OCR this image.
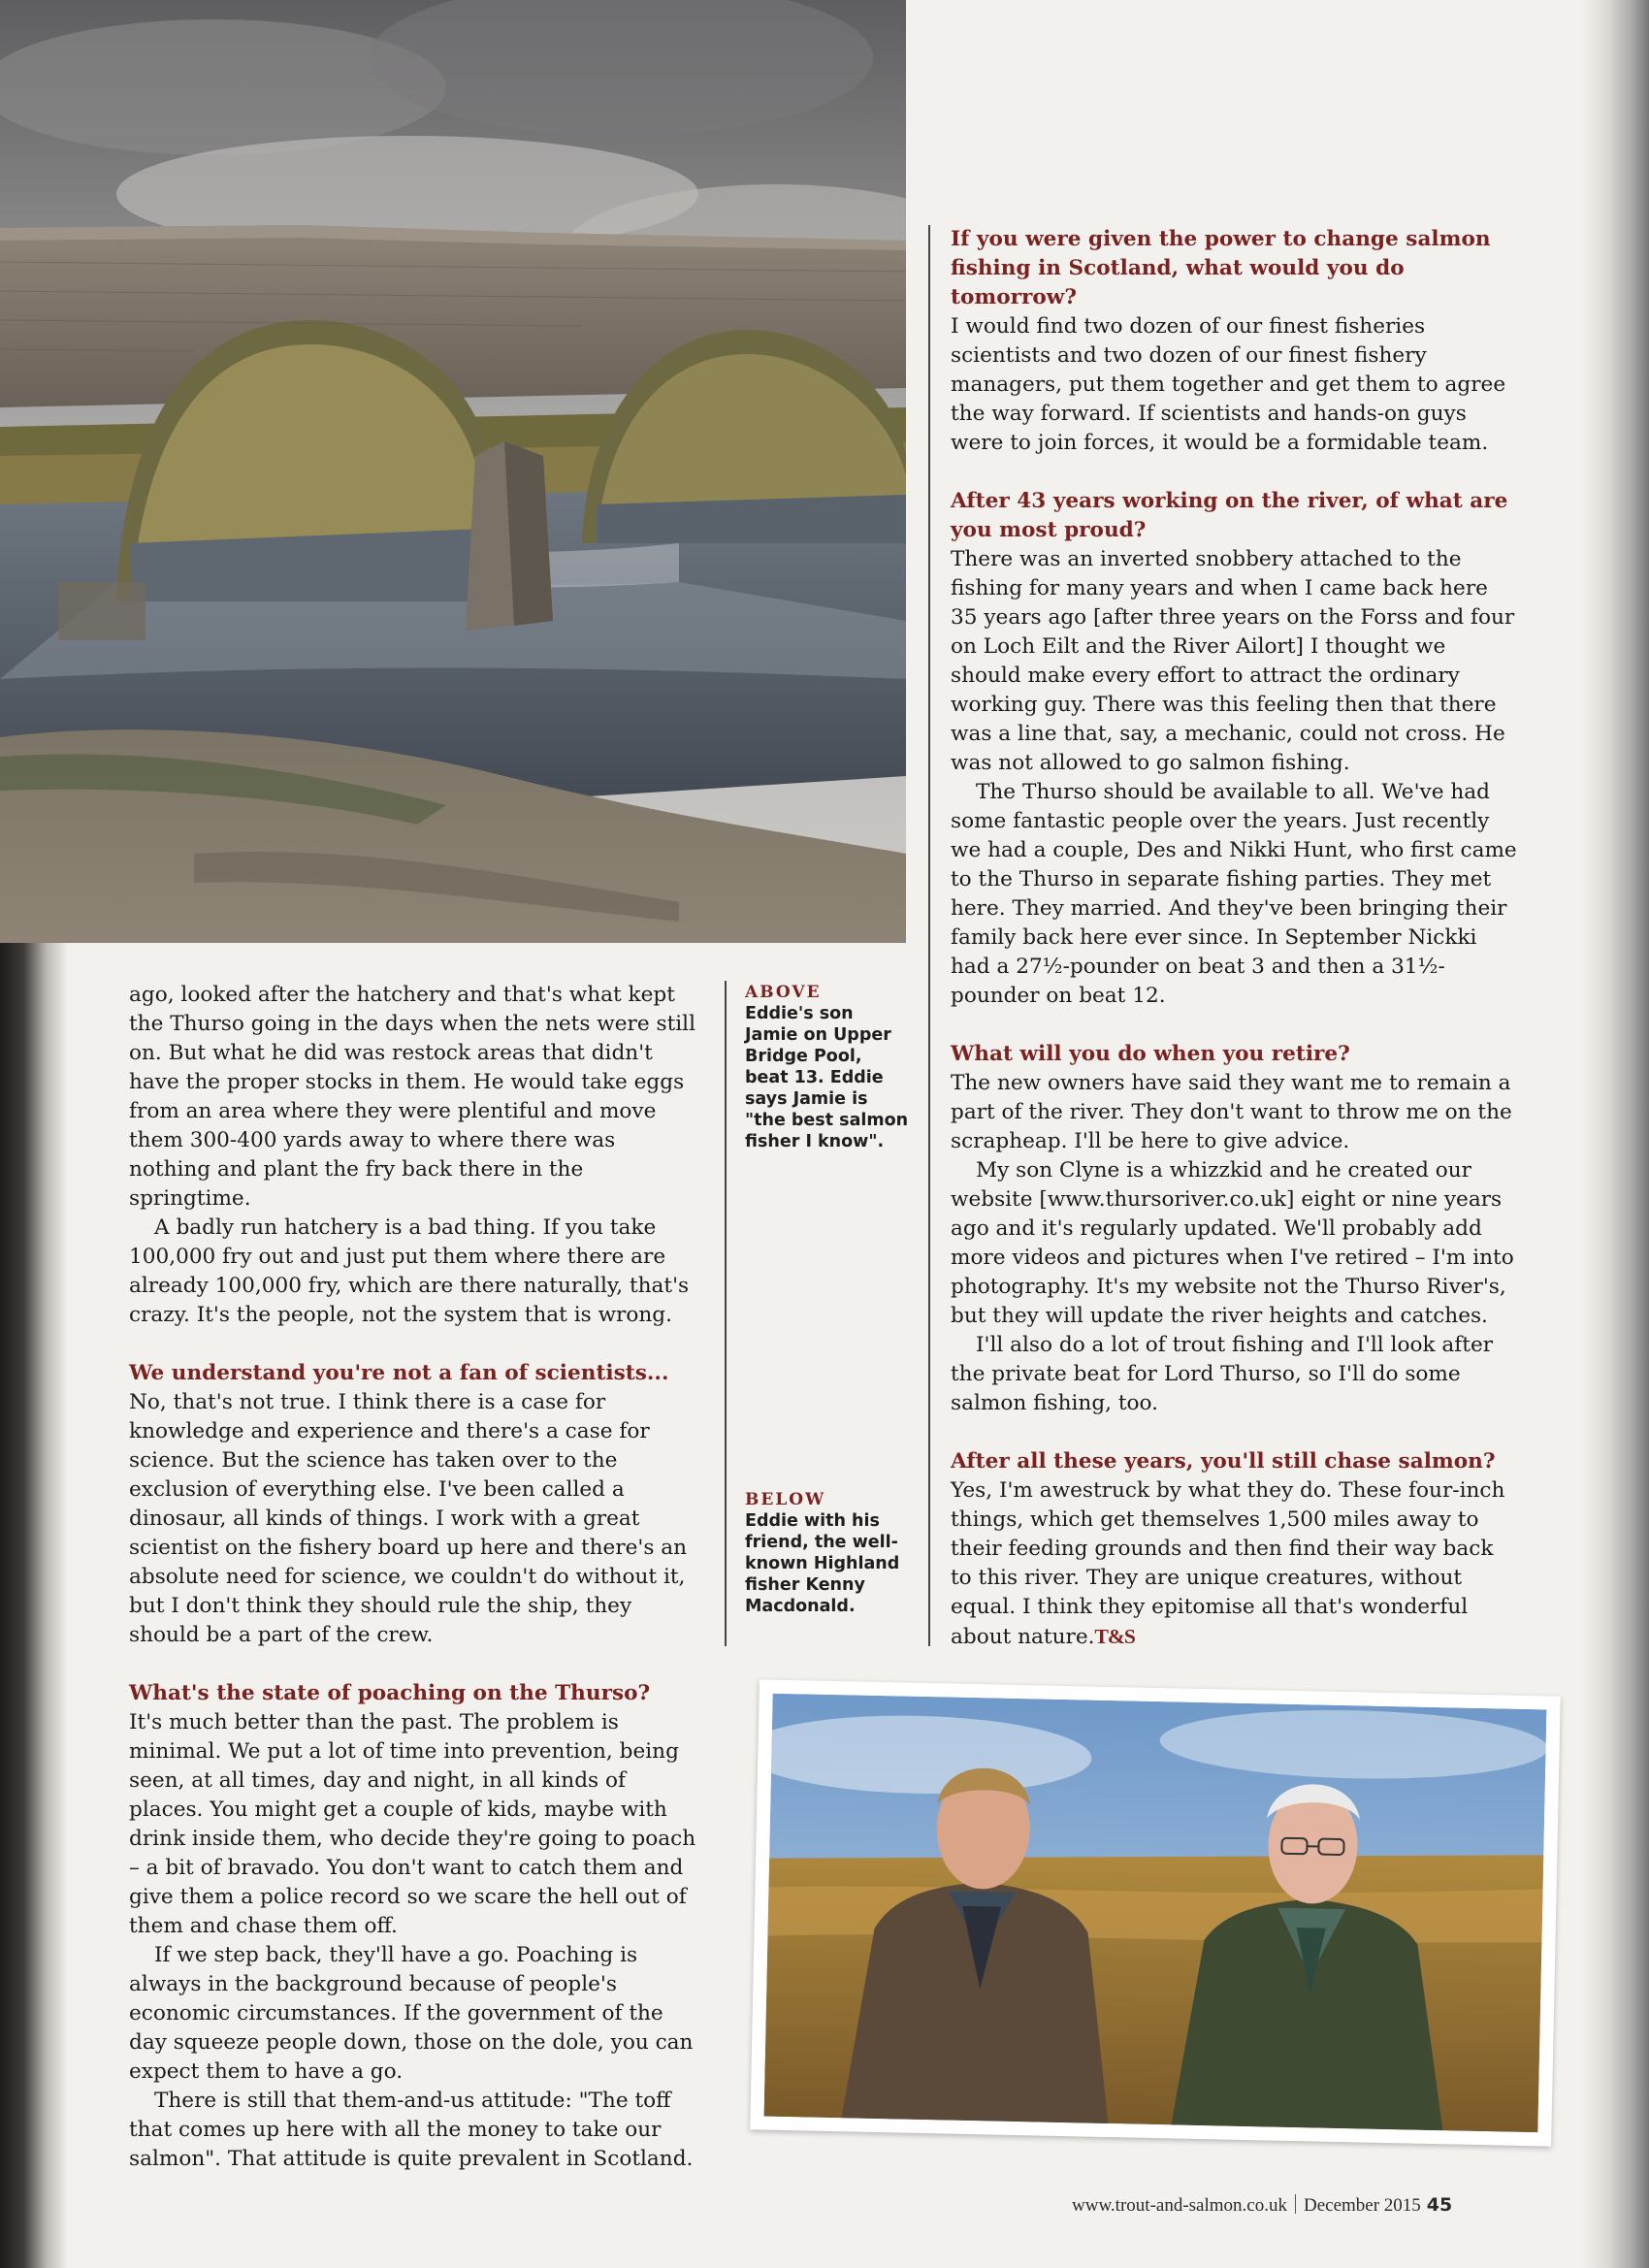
ago, looked after the hatchery and that's what kept the Thurso going in the days when the nets were still on. But what he did was restock areas that didn't have the proper stocks in them. He would take eggs from an area where they were plentiful and move them 300-400 yards away to where there was nothing and plant the fry back there in the springtime.

A badly run hatchery is a bad thing. If you take 100,000 fry out and just put them where there are already 100,000 fry, which are there naturally, that's crazy. It's the people, not the system that is wrong.

We understand you're not a fan of scientists...

No, that's not true. I think there is a case for knowledge and experience and there's a case for science. But the science has taken over to the exclusion of everything else. I've been called a dinosaur, all kinds of things. I work with a great scientist on the fishery board up here and there's an absolute need for science, we couldn't do without it, but I don't think they should rule the ship, they should be a part of the crew.

What's the state of poaching on the Thurso?

It's much better than the past. The problem is minimal. We put a lot of time into prevention, being seen, at all times, day and night, in all kinds of places. You might get a couple of kids, maybe with drink inside them, who decide they're going to poach – a bit of bravado. You don't want to catch them and give them a police record so we scare the hell out of them and chase them off.

If we step back, they'll have a go. Poaching is always in the background because of people's economic circumstances. If the government of the day squeeze people down, those on the dole, you can expect them to have a go.

There is still that them-and-us attitude: "The toff that comes up here with all the money to take our salmon". That attitude is quite prevalent in Scotland.

ABOVE
Eddie's son Jamie on Upper Bridge Pool, beat 13. Eddie says Jamie is "the best salmon fisher I know".
BELOW
Eddie with his friend, the well-known Highland fisher Kenny Macdonald.
If you were given the power to change salmon fishing in Scotland, what would you do tomorrow?

I would find two dozen of our finest fisheries scientists and two dozen of our finest fishery managers, put them together and get them to agree the way forward. If scientists and hands-on guys were to join forces, it would be a formidable team.

After 43 years working on the river, of what are you most proud?

There was an inverted snobbery attached to the fishing for many years and when I came back here 35 years ago [after three years on the Forss and four on Loch Eilt and the River Ailort] I thought we should make every effort to attract the ordinary working guy. There was this feeling then that there was a line that, say, a mechanic, could not cross. He was not allowed to go salmon fishing.

The Thurso should be available to all. We've had some fantastic people over the years. Just recently we had a couple, Des and Nikki Hunt, who first came to the Thurso in separate fishing parties. They met here. They married. And they've been bringing their family back here ever since. In September Nickki had a 27½-pounder on beat 3 and then a 31½-pounder on beat 12.

What will you do when you retire?

The new owners have said they want me to remain a part of the river. They don't want to throw me on the scrapheap. I'll be here to give advice.

My son Clyne is a whizzkid and he created our website [www.thursoriver.co.uk] eight or nine years ago and it's regularly updated. We'll probably add more videos and pictures when I've retired – I'm into photography. It's my website not the Thurso River's, but they will update the river heights and catches.

I'll also do a lot of trout fishing and I'll look after the private beat for Lord Thurso, so I'll do some salmon fishing, too.

After all these years, you'll still chase salmon?

Yes, I'm awestruck by what they do. These four-inch things, which get themselves 1,500 miles away to their feeding grounds and then find their way back to this river. They are unique creatures, without equal. I think they epitomise all that's wonderful about nature.T&S

www.trout-and-salmon.co.uk December 2015 45
